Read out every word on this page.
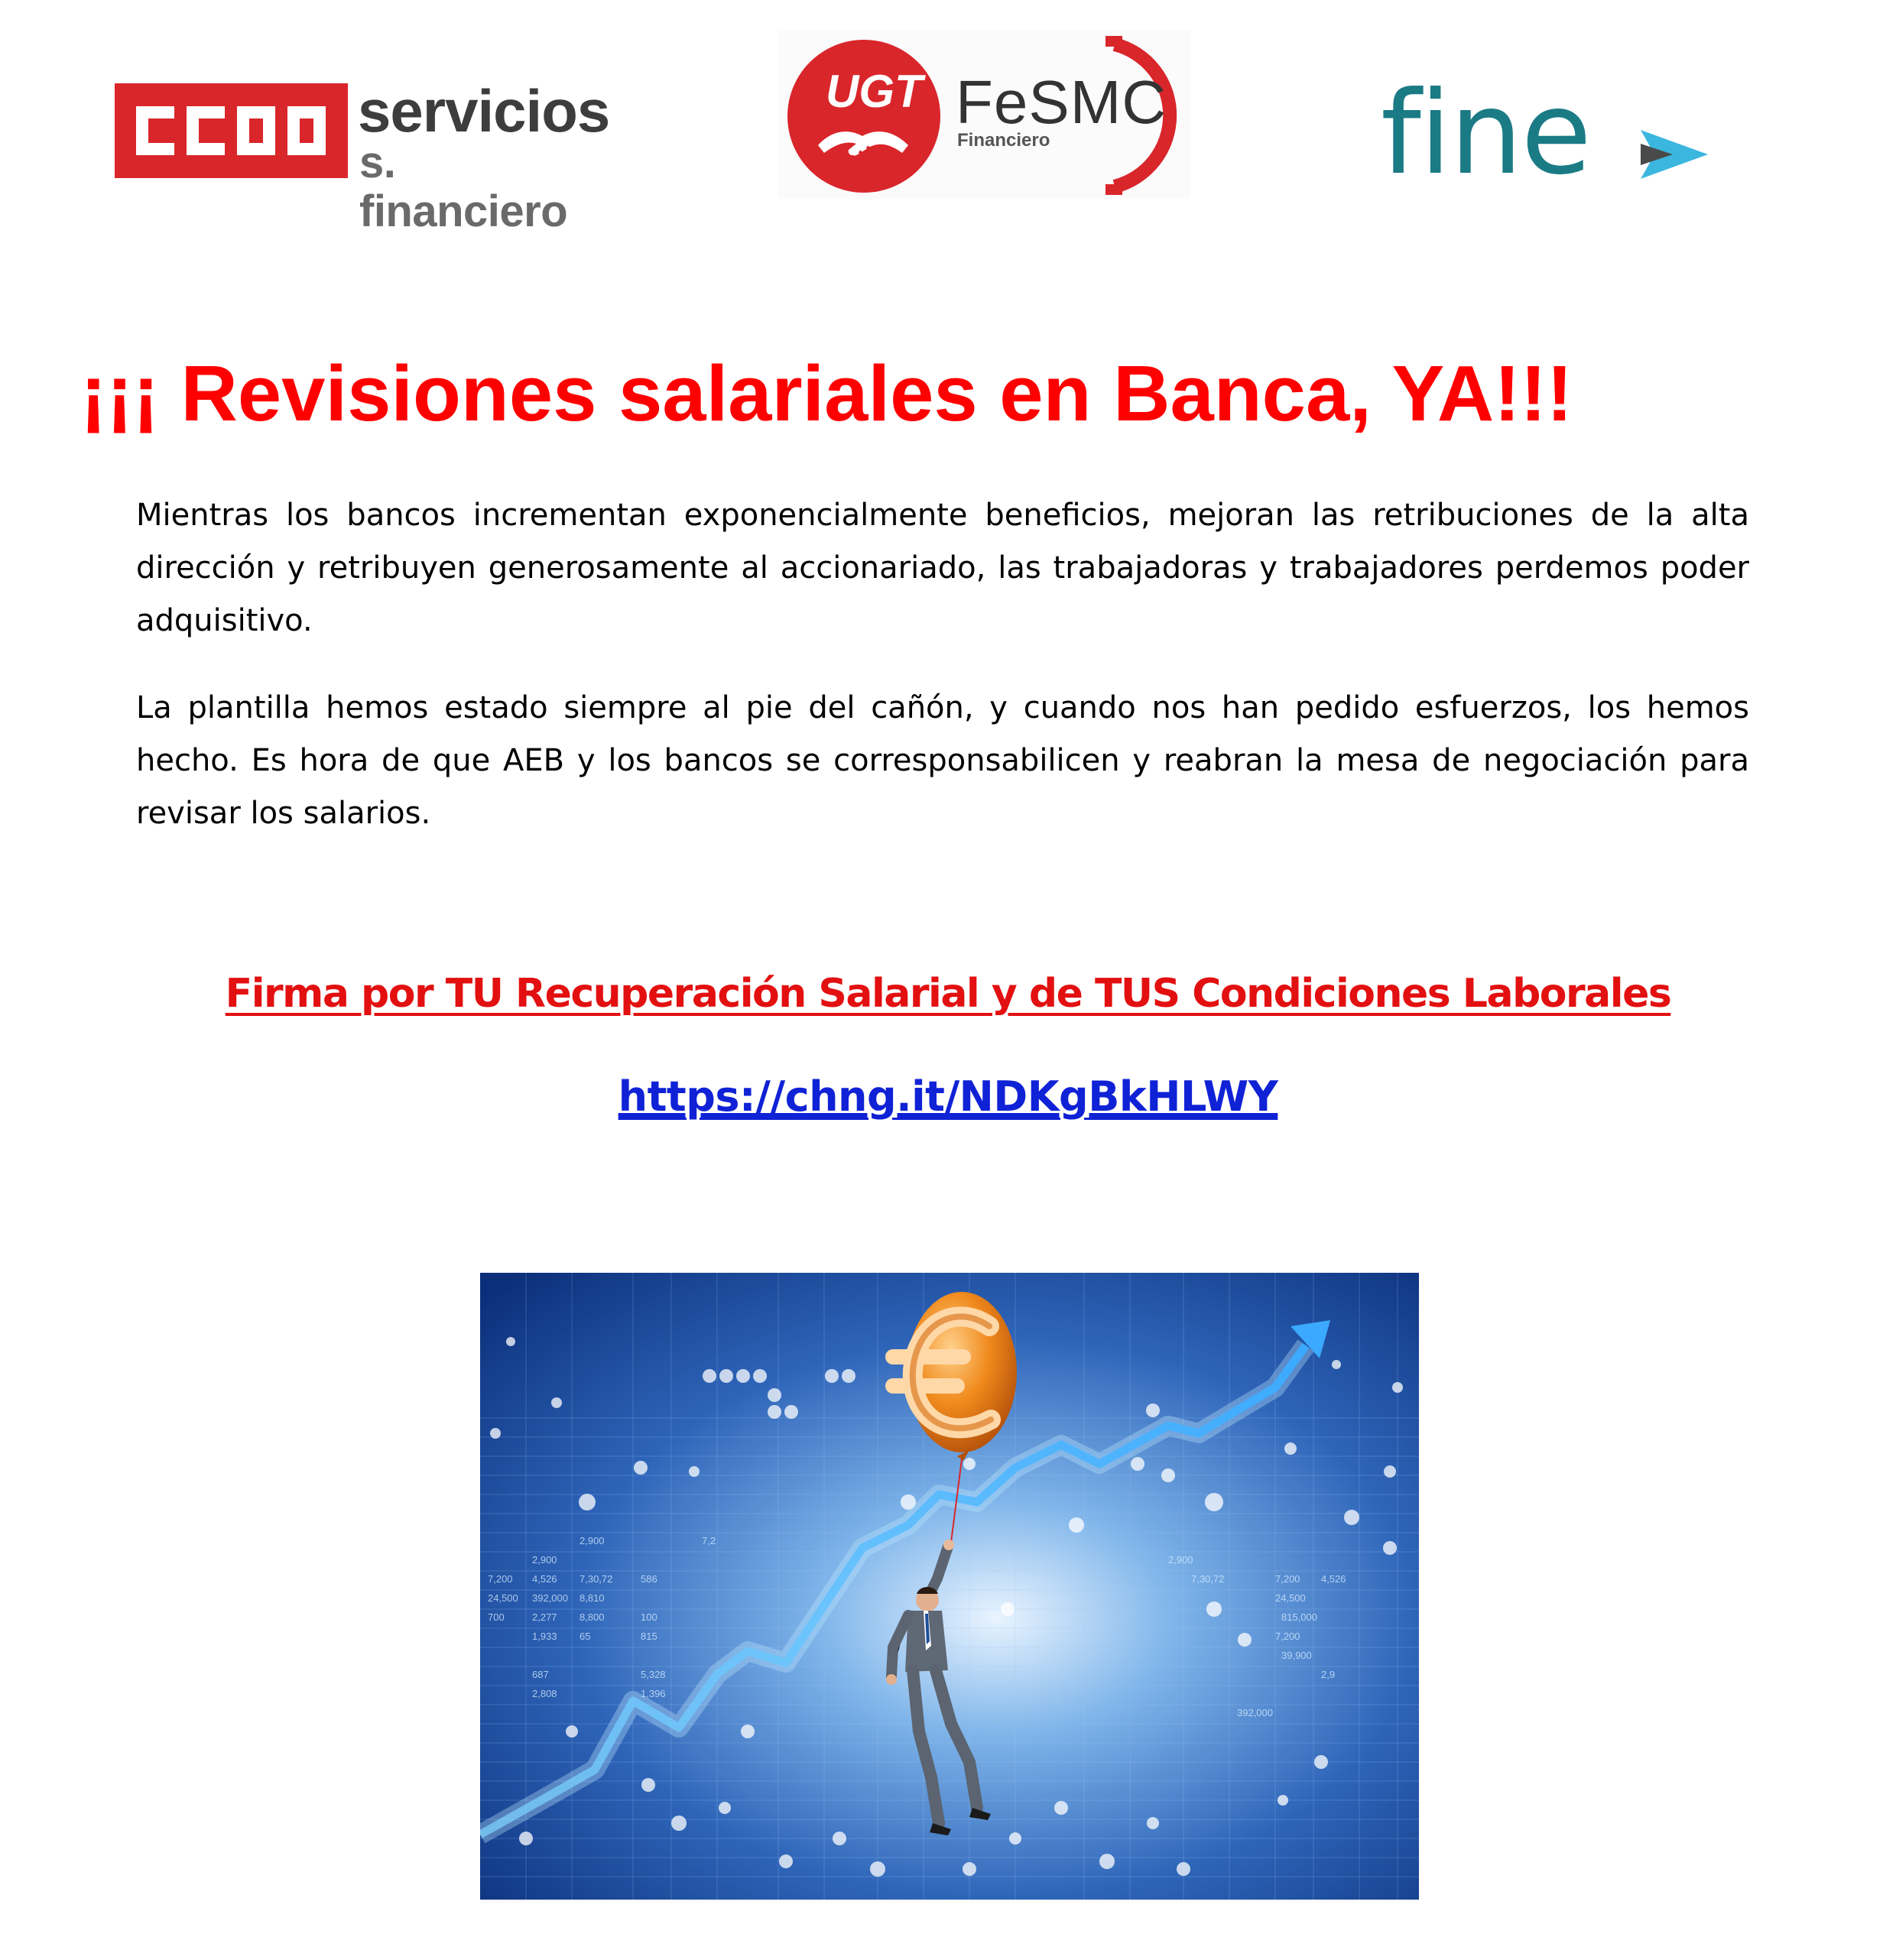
servicios
s. financiero
UGT FeSMC
Financiero	fine
¡¡¡ Revisiones salariales en Banca, YA!!!

Mientras los bancos incrementan exponencialmente beneficios, mejoran las retribuciones de la alta dirección y retribuyen generosamente al accionariado, las trabajadoras y trabajadores perdemos poder adquisitivo.

La plantilla hemos estado siempre al pie del cañón, y cuando nos han pedido esfuerzos, los hemos hecho. Es hora de que AEB y los bancos se corresponsabilicen y reabran la mesa de negociación para revisar los salarios.

Firma por TU Recuperación Salarial y de TUS Condiciones Laborales
https://chng.it/NDKgBkHLWY
2,900
4,526 7,30,72	586
7,200
392,000 8,810
24,500
2,277 8,800	100
700
1,933 65	815
815,000
39,900
5,328
687
2,808	1,396
2,9
7,2
2,900
4,526
7,30,72	7,200
24,500
7,200
392,000
2,900
